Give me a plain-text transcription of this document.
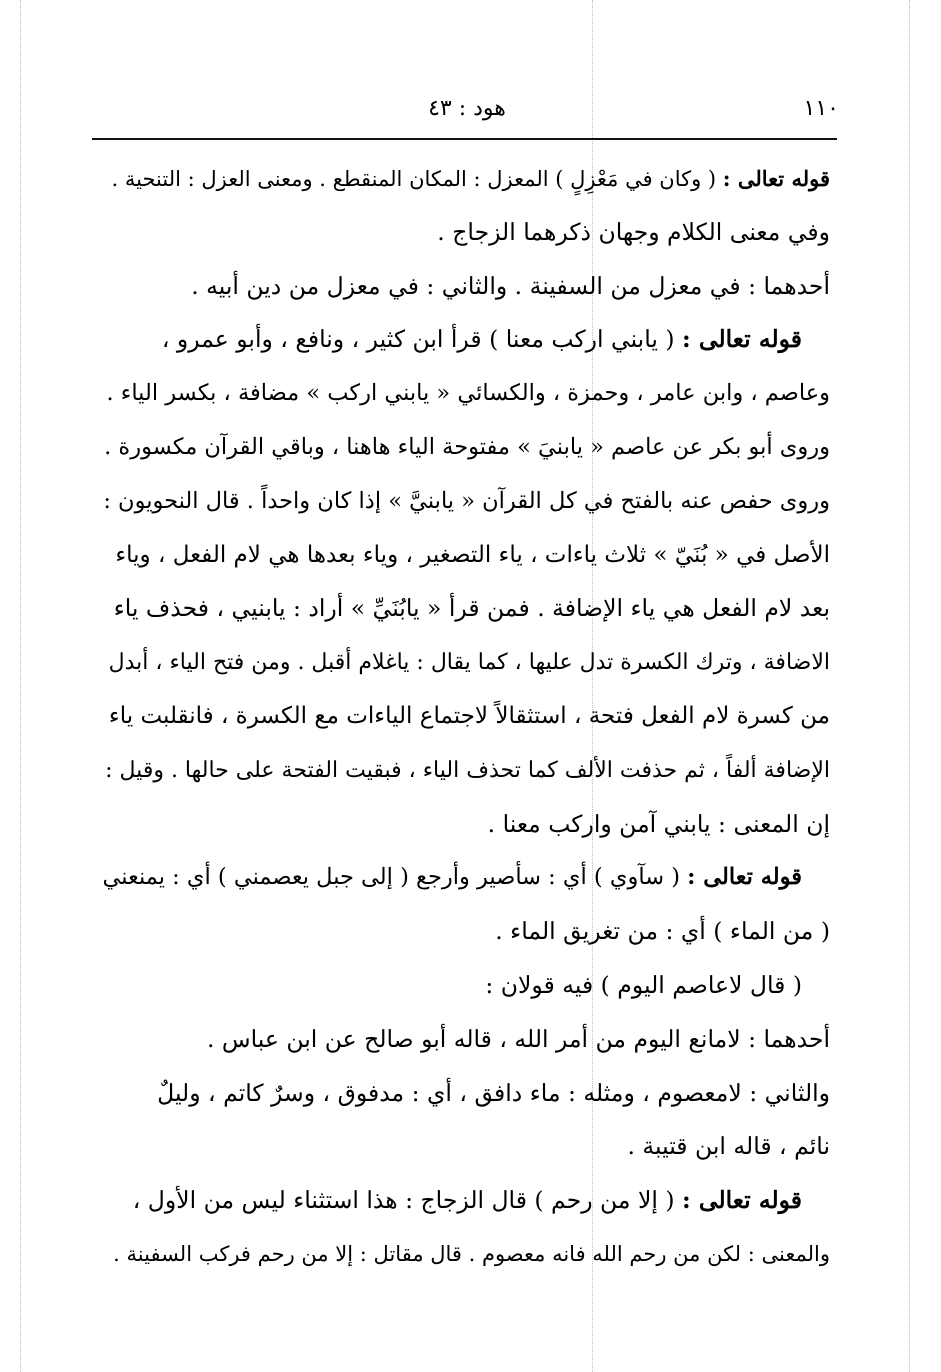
١١٠
هود : ٤٣
قوله تعالى : ( وكان في مَعْزِلٍ ) المعزل : المكان المنقطع . ومعنى العزل : التنحية .
وفي معنى الكلام وجهان ذكرهما الزجاج .
أحدهما : في معزل من السفينة . والثاني : في معزل من دين أبيه .
قوله تعالى : ( يابني اركب معنا ) قرأ ابن كثير ، ونافع ، وأبو عمرو ،
وعاصم ، وابن عامر ، وحمزة ، والكسائي « يابني اركب » مضافة ، بكسر الياء .
وروى أبو بكر عن عاصم « يابنيَ » مفتوحة الياء هاهنا ، وباقي القرآن مكسورة .
وروى حفص عنه بالفتح في كل القرآن « يابنيَّ » إذا كان واحداً . قال النحويون :
الأصل في « بُنَيّ » ثلاث ياءات ، ياء التصغير ، وياء بعدها هي لام الفعل ، وياء
بعد لام الفعل هي ياء الإضافة . فمن قرأ « يابُنَيِّ » أراد : يابنيي ، فحذف ياء
الاضافة ، وترك الكسرة تدل عليها ، كما يقال : ياغلام أقبل . ومن فتح الياء ، أبدل
من كسرة لام الفعل فتحة ، استثقالاً لاجتماع الياءات مع الكسرة ، فانقلبت ياء
الإضافة ألفاً ، ثم حذفت الألف كما تحذف الياء ، فبقيت الفتحة على حالها . وقيل :
إن المعنى : يابني آمن واركب معنا .
قوله تعالى : ( سآوي ) أي : سأصير وأرجع ( إلى جبل يعصمني ) أي : يمنعني
( من الماء ) أي : من تغريق الماء .
( قال لاعاصم اليوم ) فيه قولان :
أحدهما : لامانع اليوم من أمر الله ، قاله أبو صالح عن ابن عباس .
والثاني : لامعصوم ، ومثله : ماء دافق ، أي : مدفوق ، وسرٌ كاتم ، وليلٌ
نائم ، قاله ابن قتيبة .
قوله تعالى : ( إلا من رحم ) قال الزجاج : هذا استثناء ليس من الأول ،
والمعنى : لكن من رحم الله فانه معصوم . قال مقاتل : إلا من رحم فركب السفينة .
